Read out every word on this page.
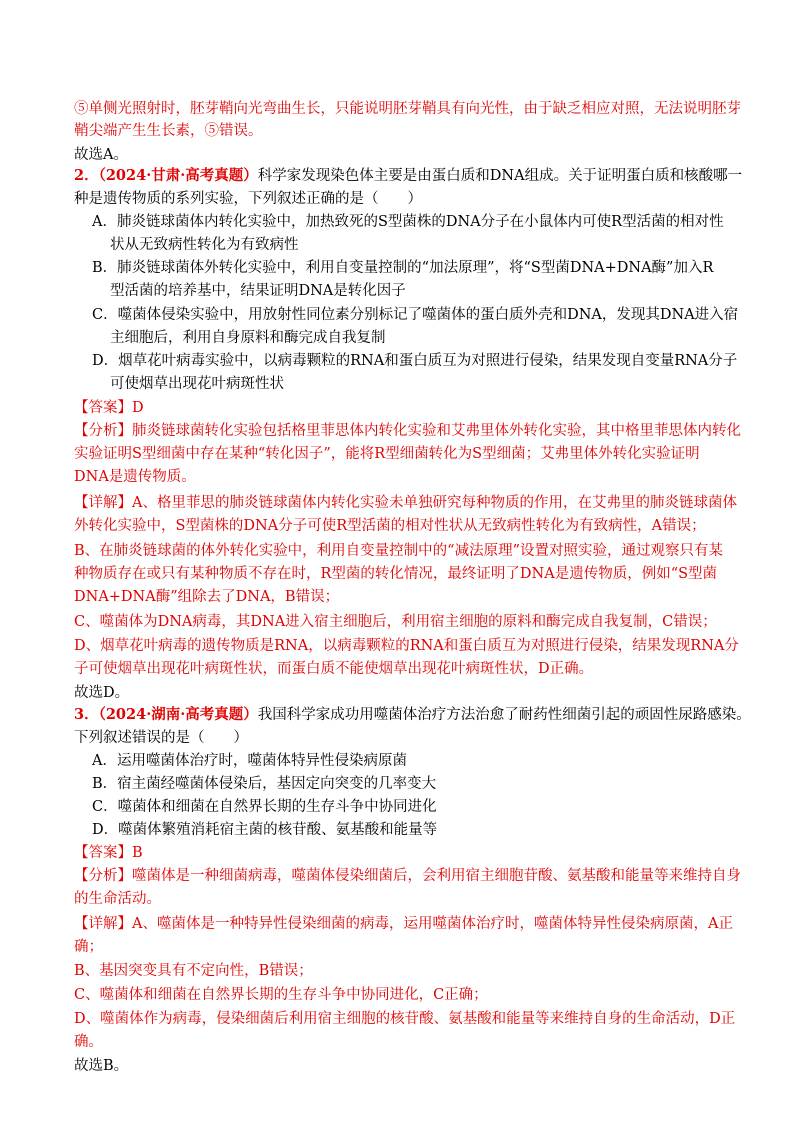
⑤单侧光照射时，胚芽鞘向光弯曲生长，只能说明胚芽鞘具有向光性，由于缺乏相应对照，无法说明胚芽
鞘尖端产生生长素，⑤错误。
故选A。
2．（2024·甘肃·高考真题）科学家发现染色体主要是由蛋白质和DNA组成。关于证明蛋白质和核酸哪一
种是遗传物质的系列实验，下列叙述正确的是（　　）
A．肺炎链球菌体内转化实验中，加热致死的S型菌株的DNA分子在小鼠体内可使R型活菌的相对性
状从无致病性转化为有致病性
B．肺炎链球菌体外转化实验中，利用自变量控制的“加法原理”，将“S型菌DNA+DNA酶”加入R
型活菌的培养基中，结果证明DNA是转化因子
C．噬菌体侵染实验中，用放射性同位素分别标记了噬菌体的蛋白质外壳和DNA，发现其DNA进入宿
主细胞后，利用自身原料和酶完成自我复制
D．烟草花叶病毒实验中，以病毒颗粒的RNA和蛋白质互为对照进行侵染，结果发现自变量RNA分子
可使烟草出现花叶病斑性状
【答案】D
【分析】肺炎链球菌转化实验包括格里菲思体内转化实验和艾弗里体外转化实验，其中格里菲思体内转化
实验证明S型细菌中存在某种“转化因子”，能将R型细菌转化为S型细菌；艾弗里体外转化实验证明
DNA是遗传物质。
【详解】A、格里菲思的肺炎链球菌体内转化实验未单独研究每种物质的作用，在艾弗里的肺炎链球菌体
外转化实验中，S型菌株的DNA分子可使R型活菌的相对性状从无致病性转化为有致病性，A错误；
B、在肺炎链球菌的体外转化实验中，利用自变量控制中的“减法原理”设置对照实验，通过观察只有某
种物质存在或只有某种物质不存在时，R型菌的转化情况，最终证明了DNA是遗传物质，例如“S型菌
DNA+DNA酶”组除去了DNA，B错误；
C、噬菌体为DNA病毒，其DNA进入宿主细胞后，利用宿主细胞的原料和酶完成自我复制，C错误；
D、烟草花叶病毒的遗传物质是RNA，以病毒颗粒的RNA和蛋白质互为对照进行侵染，结果发现RNA分
子可使烟草出现花叶病斑性状，而蛋白质不能使烟草出现花叶病斑性状，D正确。
故选D。
3．（2024·湖南·高考真题）我国科学家成功用噬菌体治疗方法治愈了耐药性细菌引起的顽固性尿路感染。
下列叙述错误的是（　　）
A．运用噬菌体治疗时，噬菌体特异性侵染病原菌
B．宿主菌经噬菌体侵染后，基因定向突变的几率变大
C．噬菌体和细菌在自然界长期的生存斗争中协同进化
D．噬菌体繁殖消耗宿主菌的核苷酸、氨基酸和能量等
【答案】B
【分析】噬菌体是一种细菌病毒，噬菌体侵染细菌后，会利用宿主细胞苷酸、氨基酸和能量等来维持自身
的生命活动。
【详解】A、噬菌体是一种特异性侵染细菌的病毒，运用噬菌体治疗时，噬菌体特异性侵染病原菌，A正
确；
B、基因突变具有不定向性，B错误；
C、噬菌体和细菌在自然界长期的生存斗争中协同进化，C正确；
D、噬菌体作为病毒，侵染细菌后利用宿主细胞的核苷酸、氨基酸和能量等来维持自身的生命活动，D正
确。
故选B。
